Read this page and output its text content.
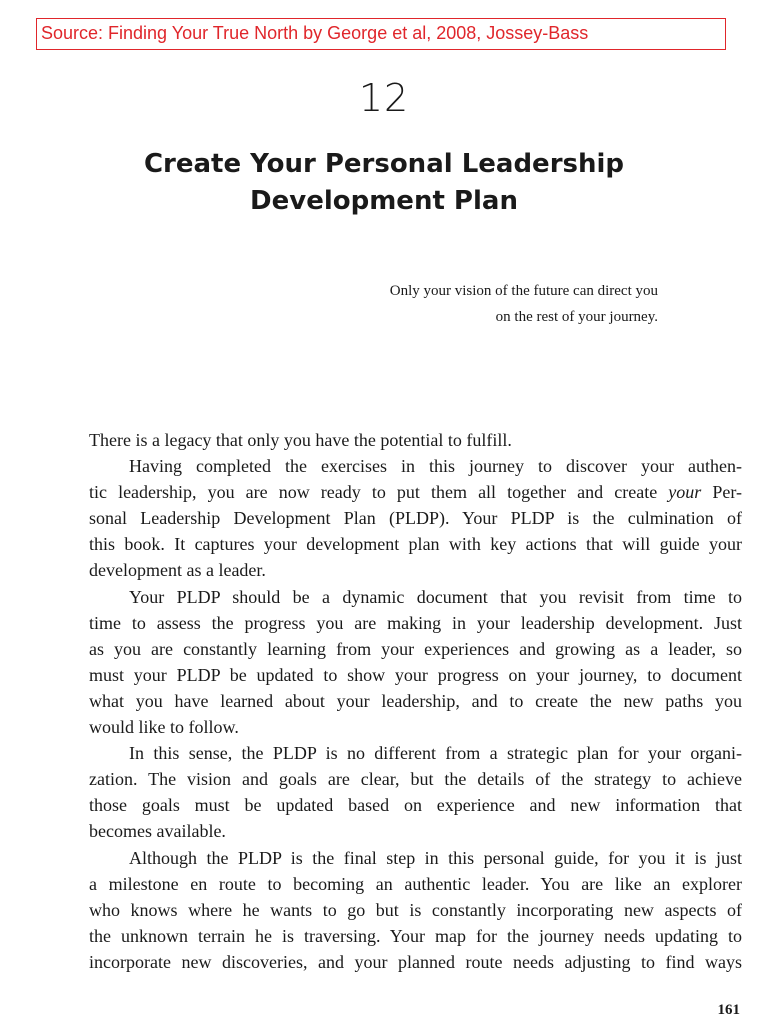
Source: Finding Your True North by George et al, 2008, Jossey-Bass
12
Create Your Personal Leadership
Development Plan
Only your vision of the future can direct you
on the rest of your journey.
There is a legacy that only you have the potential to fulfill.
Having completed the exercises in this journey to discover your authen-
tic leadership, you are now ready to put them all together and create your Per-
sonal Leadership Development Plan (PLDP). Your PLDP is the culmination of
this book. It captures your development plan with key actions that will guide your
development as a leader.
Your PLDP should be a dynamic document that you revisit from time to
time to assess the progress you are making in your leadership development. Just
as you are constantly learning from your experiences and growing as a leader, so
must your PLDP be updated to show your progress on your journey, to document
what you have learned about your leadership, and to create the new paths you
would like to follow.
In this sense, the PLDP is no different from a strategic plan for your organi-
zation. The vision and goals are clear, but the details of the strategy to achieve
those goals must be updated based on experience and new information that
becomes available.
Although the PLDP is the final step in this personal guide, for you it is just
a milestone en route to becoming an authentic leader. You are like an explorer
who knows where he wants to go but is constantly incorporating new aspects of
the unknown terrain he is traversing. Your map for the journey needs updating to
incorporate new discoveries, and your planned route needs adjusting to find ways
161
